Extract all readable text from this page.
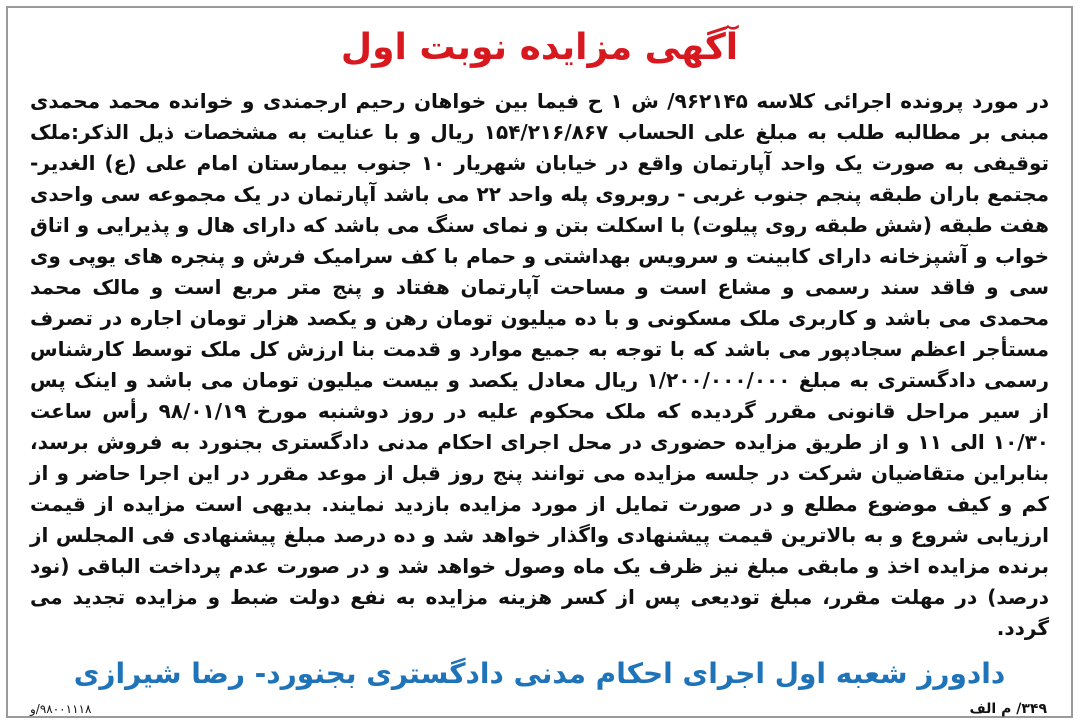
آگهی مزایده نوبت اول

در مورد پرونده اجرائی کلاسه ۹۶۲۱۴۵/ ش ۱ ح فیما بین خواهان رحیم ارجمندی و خوانده محمد محمدی مبنی بر مطالبه طلب به مبلغ علی الحساب ۱۵۴/۲۱۶/۸۶۷ ریال و با عنایت به مشخصات ذیل الذکر:ملک توقیفی به صورت یک واحد آپارتمان واقع در خیابان شهریار ۱۰ جنوب بیمارستان امام علی (ع) الغدیر- مجتمع باران طبقه پنجم جنوب غربی - روبروی پله واحد ۲۲ می باشد آپارتمان در یک مجموعه سی واحدی هفت طبقه (شش طبقه روی پیلوت) با اسکلت بتن و نمای سنگ می باشد که دارای هال و پذیرایی و اتاق خواب و آشپزخانه دارای کابینت و سرویس بهداشتی و حمام با کف سرامیک فرش و پنجره های یوپی وی سی و فاقد سند رسمی و مشاع است و مساحت آپارتمان هفتاد و پنج متر مربع است و مالک محمد محمدی می باشد و کاربری ملک مسکونی و با ده میلیون تومان رهن و یکصد هزار تومان اجاره در تصرف مستأجر اعظم سجادپور می باشد که با توجه به جمیع موارد و قدمت بنا ارزش کل ملک توسط کارشناس رسمی دادگستری به مبلغ ۱/۲۰۰/۰۰۰/۰۰۰ ریال معادل یکصد و بیست میلیون تومان می باشد و اینک پس از سیر مراحل قانونی مقرر گردیده که ملک محکوم علیه در روز دوشنبه مورخ ۹۸/۰۱/۱۹ رأس ساعت ۱۰/۳۰ الی ۱۱ و از طریق مزایده حضوری در محل اجرای احکام مدنی دادگستری بجنورد به فروش برسد، بنابراین متقاضیان شرکت در جلسه مزایده می توانند پنج روز قبل از موعد مقرر در این اجرا حاضر و از کم و کیف موضوع مطلع و در صورت تمایل از مورد مزایده بازدید نمایند. بدیهی است مزایده از قیمت ارزیابی شروع و به بالاترین قیمت پیشنهادی واگذار خواهد شد و ده درصد مبلغ پیشنهادی فی المجلس از برنده مزایده اخذ و مابقی مبلغ نیز ظرف یک ماه وصول خواهد شد و در صورت عدم پرداخت الباقی (نود درصد) در مهلت مقرر، مبلغ تودیعی پس از کسر هزینه مزایده به نفع دولت ضبط و مزایده تجدید می گردد.

دادورز شعبه اول اجرای احکام مدنی دادگستری بجنورد- رضا شیرازی
۳۴۹/ م الف
۹۸۰۰۱۱۱۸/و
